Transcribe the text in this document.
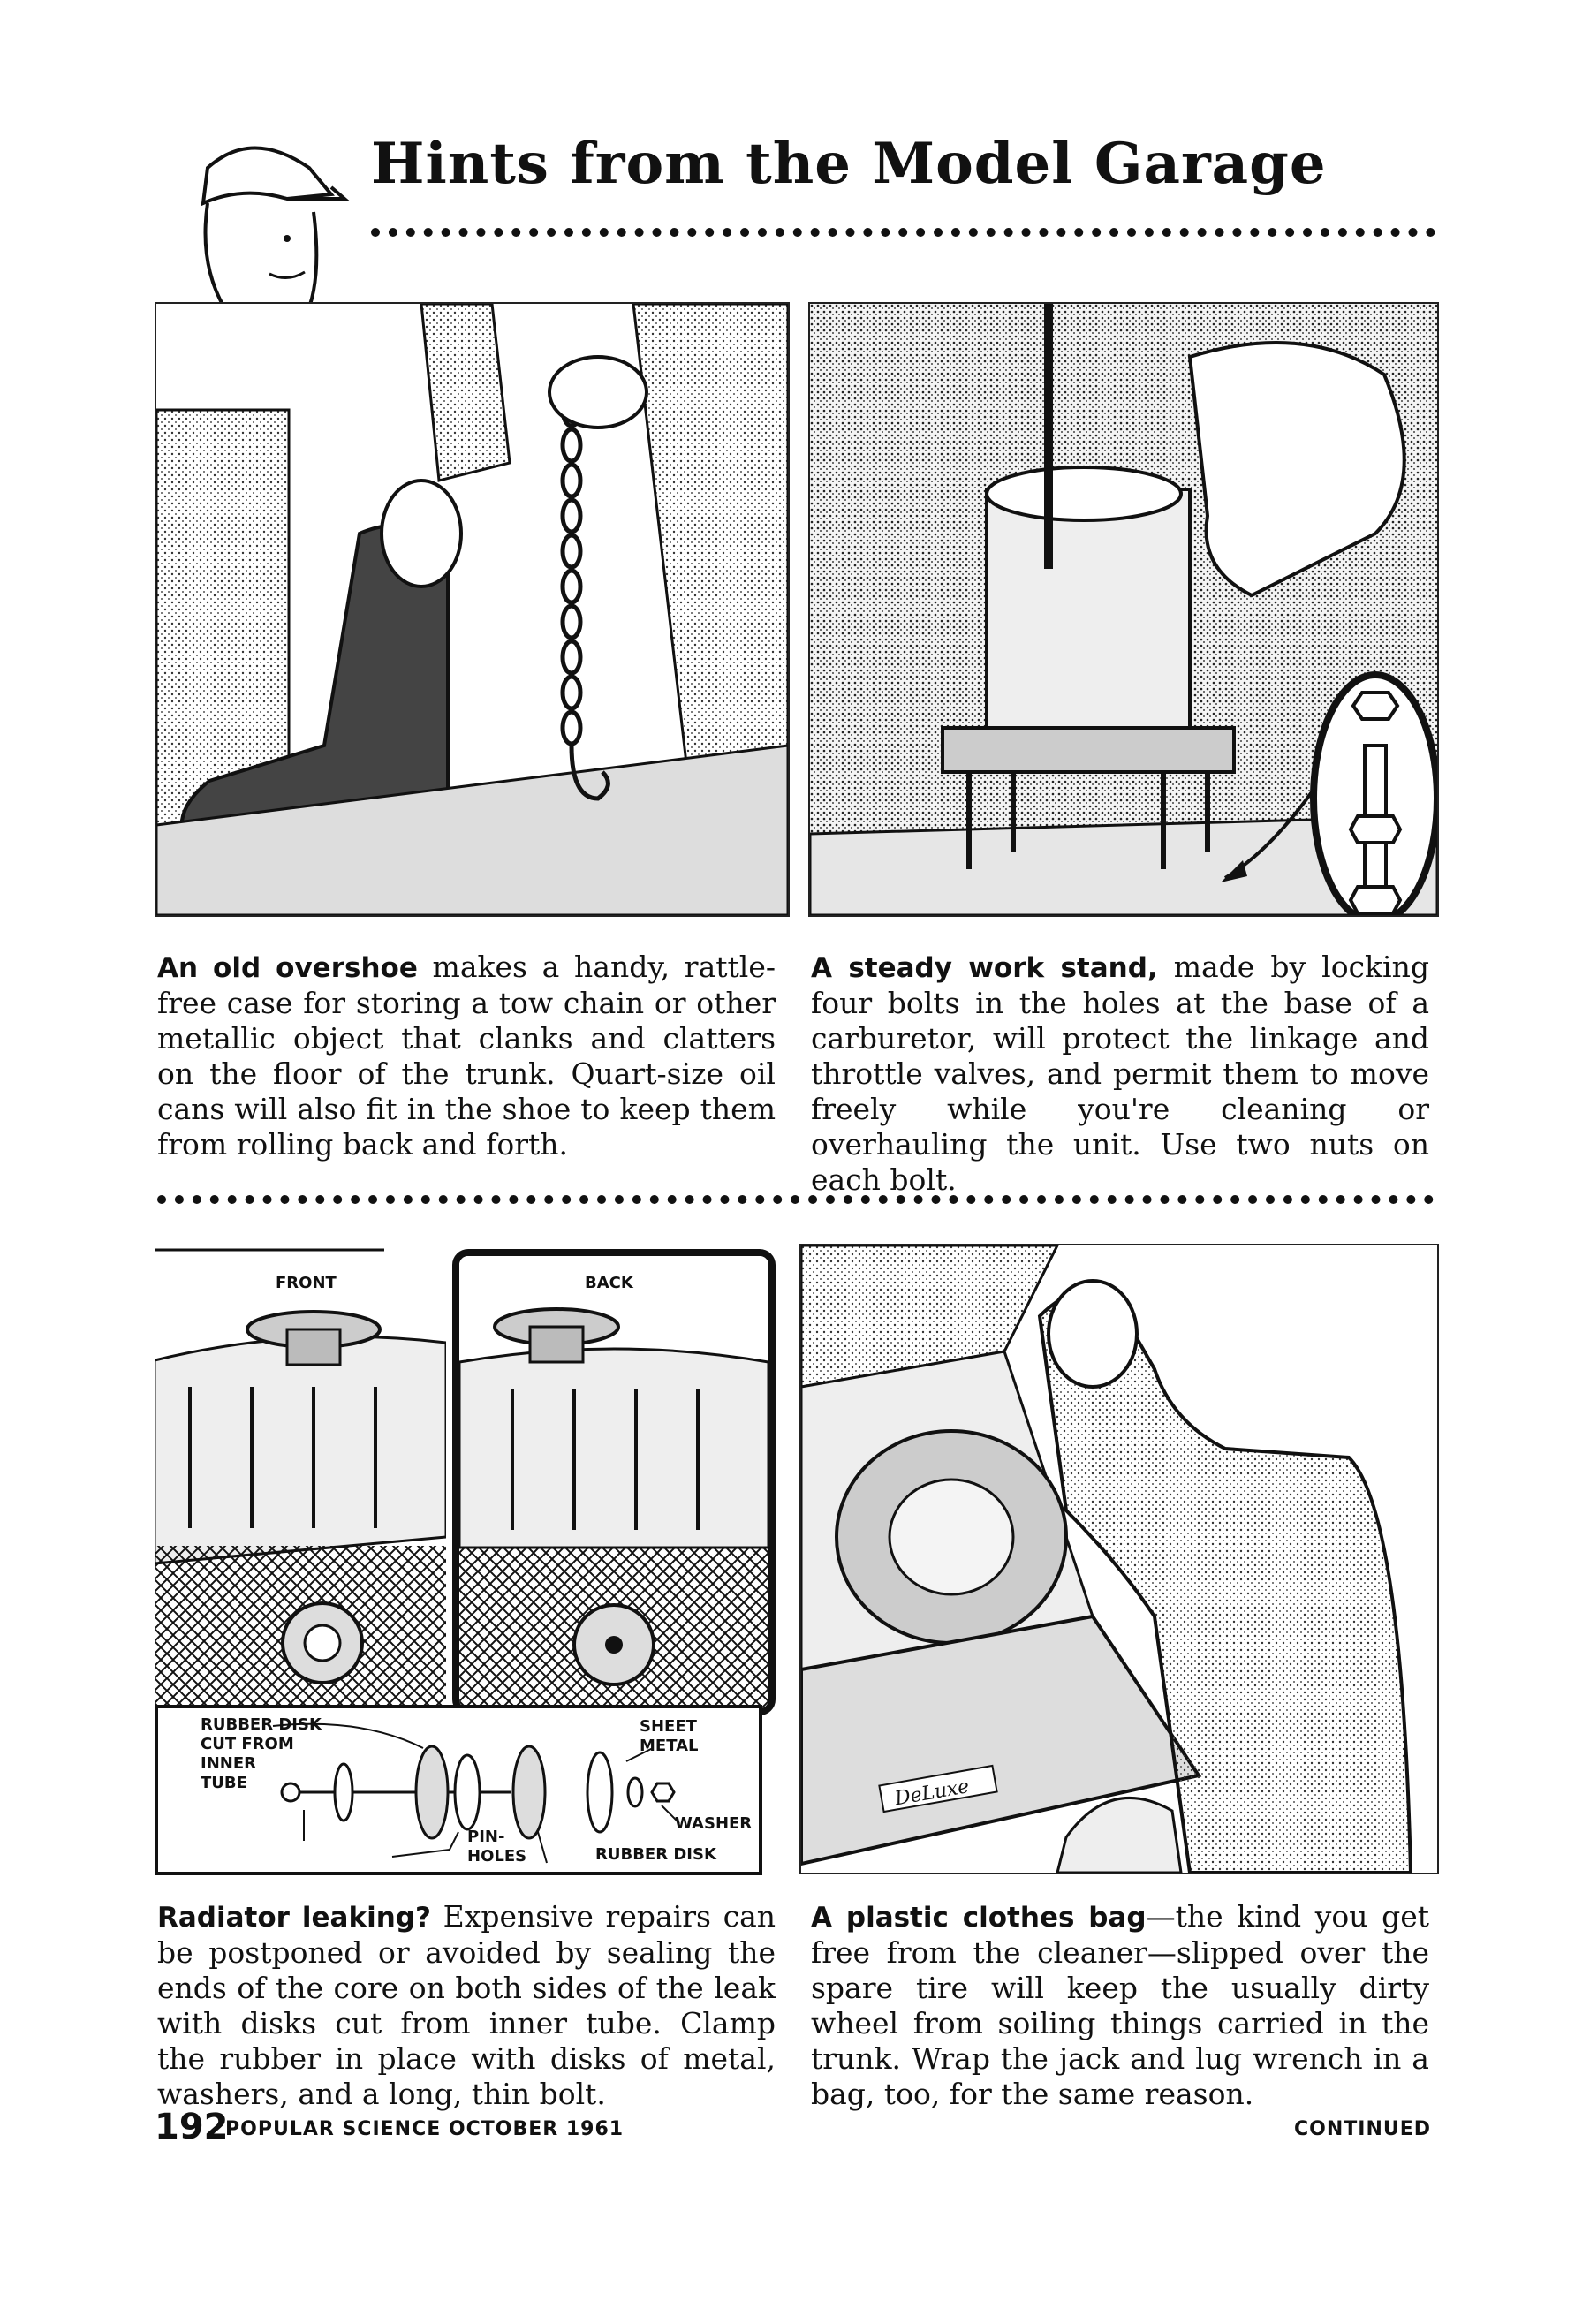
Hints from the Model Garage
An old overshoe makes a handy, rattle-free case for storing a tow chain or other metallic object that clanks and clatters on the floor of the trunk. Quart-size oil cans will also fit in the shoe to keep them from rolling back and forth.
A steady work stand, made by locking four bolts in the holes at the base of a carburetor, will protect the linkage and throttle valves, and permit them to move freely while you're cleaning or overhauling the unit. Use two nuts on each bolt.
FRONT	BACK
RUBBER DISK
CUT FROM
INNER
TUBE
SHEET
METAL
WASHER
PIN-
HOLES	RUBBER DISK
DeLuxe
Radiator leaking? Expensive repairs can be postponed or avoided by sealing the ends of the core on both sides of the leak with disks cut from inner tube. Clamp the rubber in place with disks of metal, washers, and a long, thin bolt.
A plastic clothes bag—the kind you get free from the cleaner—slipped over the spare tire will keep the usually dirty wheel from soiling things carried in the trunk. Wrap the jack and lug wrench in a bag, too, for the same reason.
192
POPULAR SCIENCE OCTOBER 1961	CONTINUED
